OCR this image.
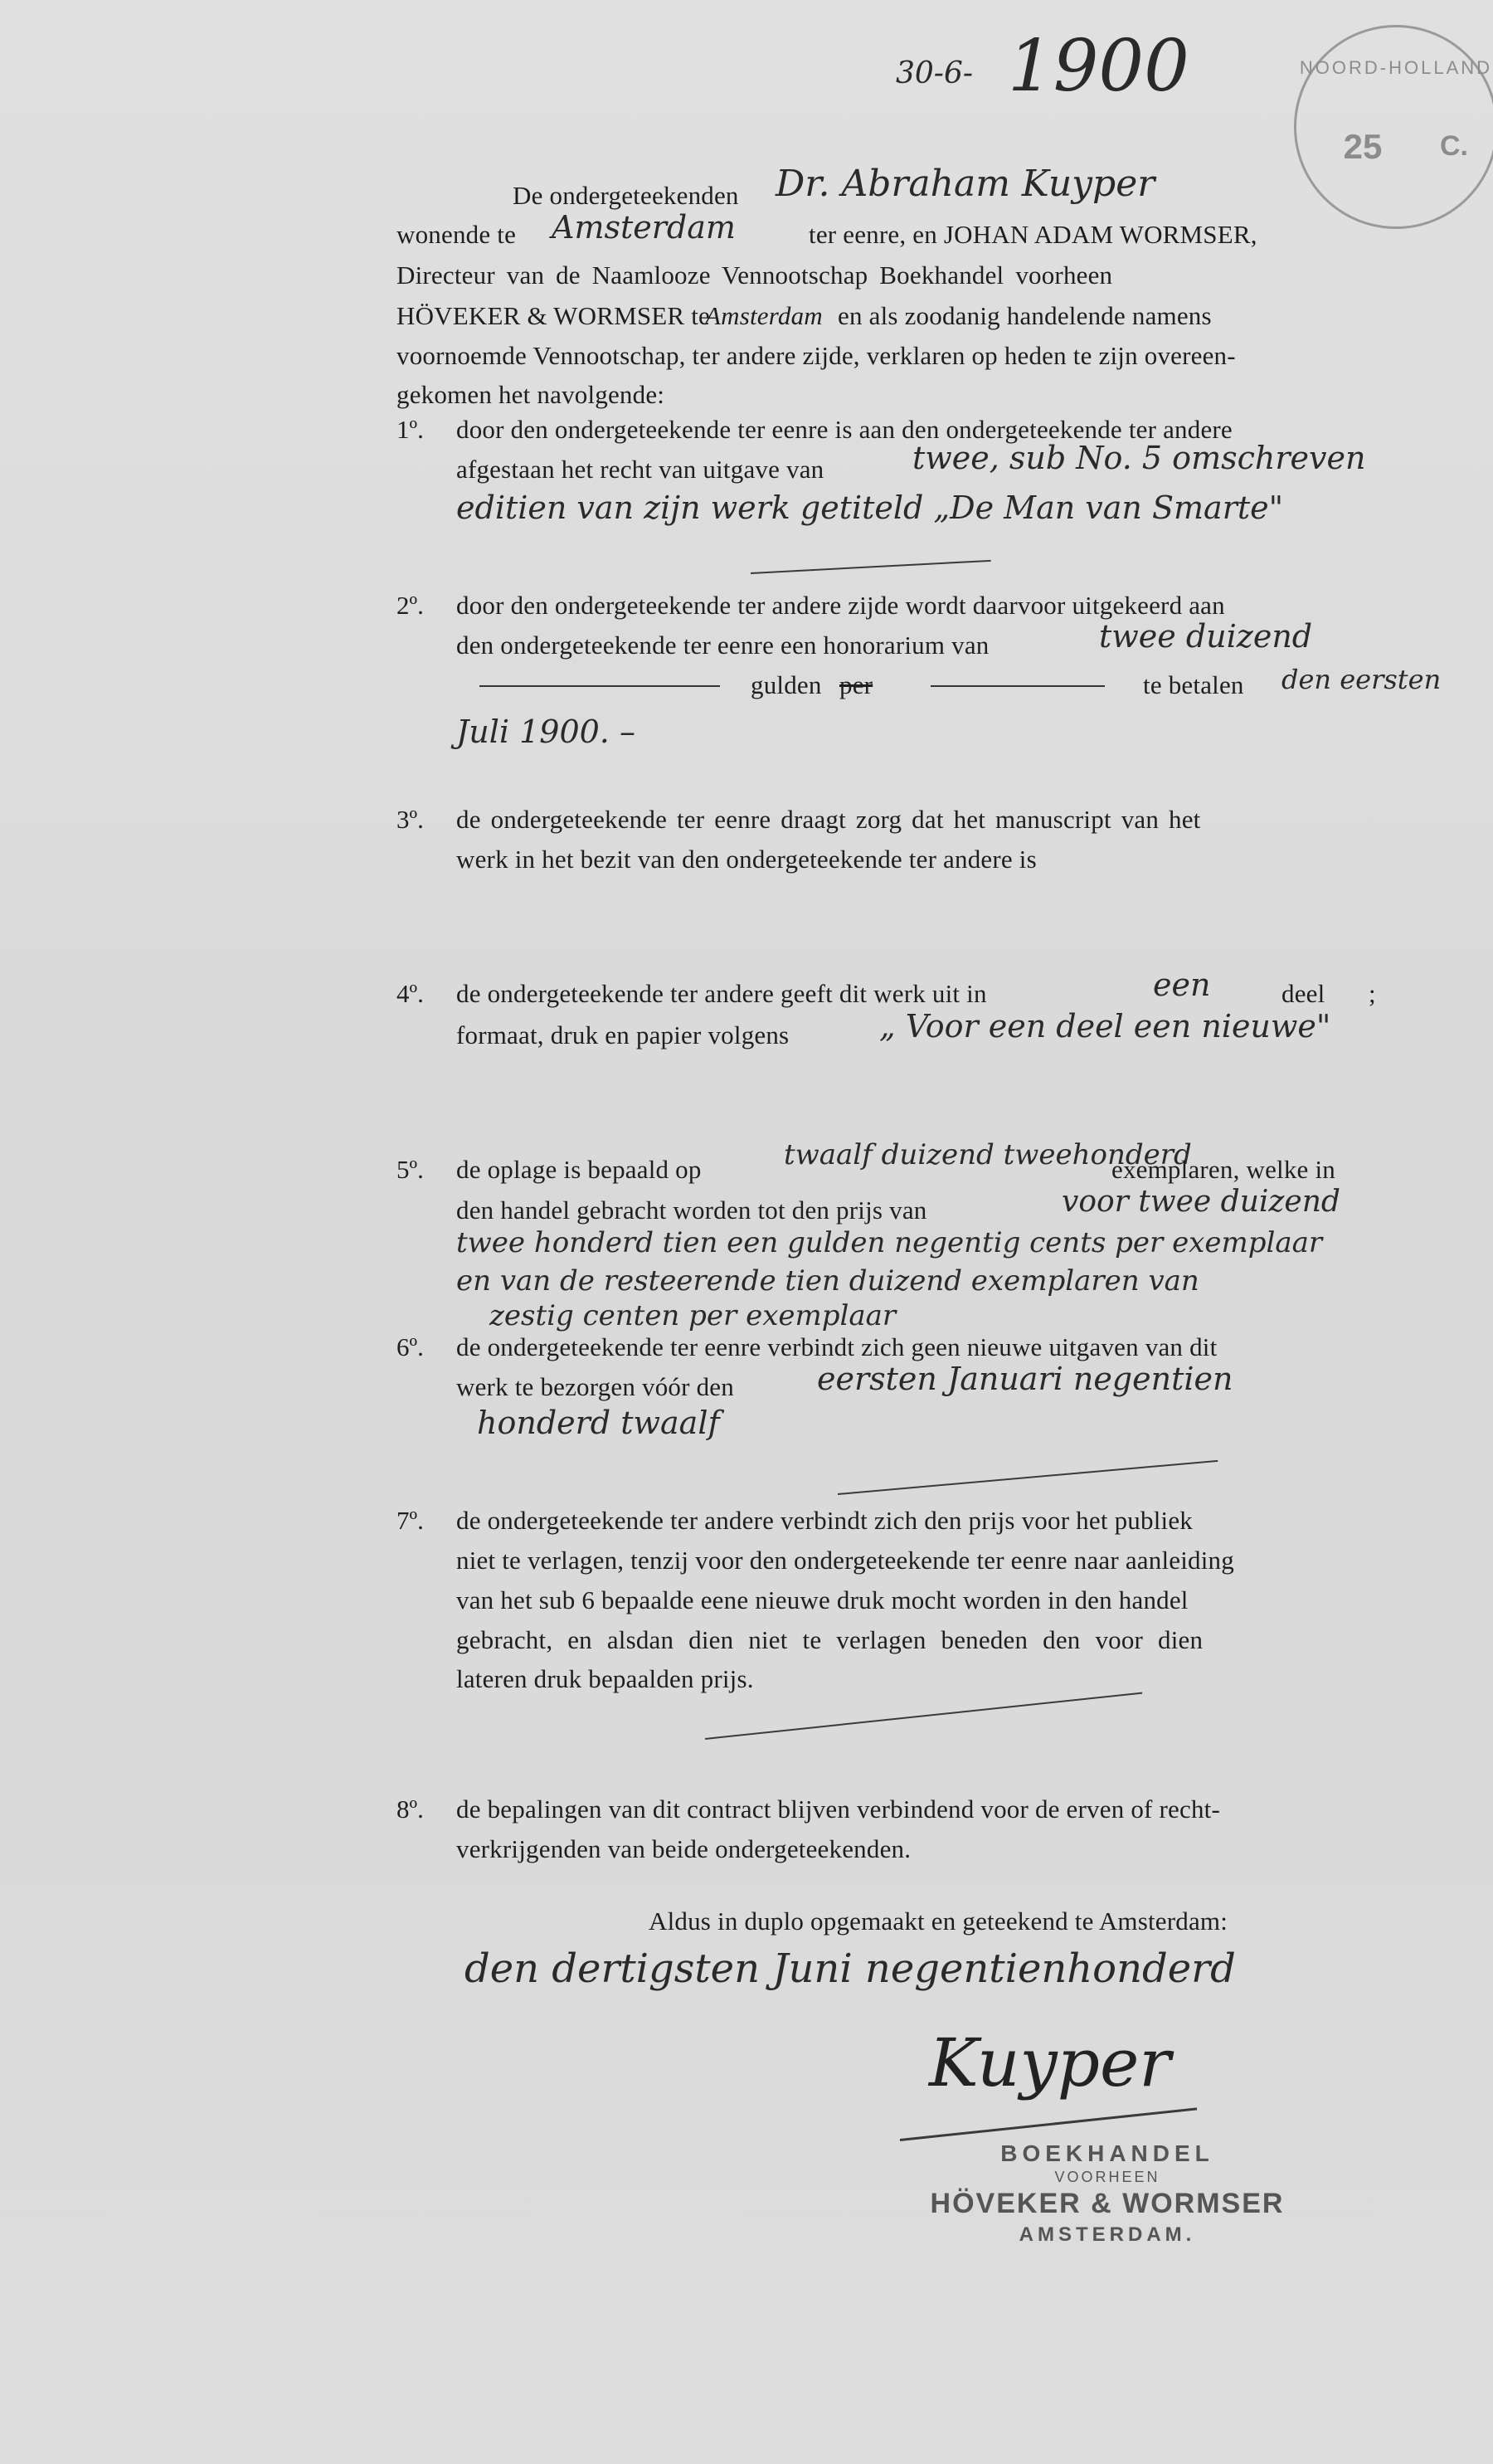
30-6- 1900	NOORD-HOLLAND
25	C.
De ondergeteekenden Dr. Abraham Kuyper
wonende te Amsterdam	ter eenre, en JOHAN ADAM WORMSER,
Directeur van de Naamlooze Vennootschap Boekhandel voorheen
HÖVEKER & WORMSER te
Amsterdam en als zoodanig handelende namens
voornoemde Vennootschap, ter andere zijde, verklaren op heden te zijn overeen-
gekomen het navolgende:
1º. door den ondergeteekende ter eenre is aan den ondergeteekende ter andere
afgestaan het recht van uitgave van	twee, sub No. 5 omschreven
editien van zijn werk getiteld „De Man van Smarte"
2º. door den ondergeteekende ter andere zijde wordt daarvoor uitgekeerd aan
den ondergeteekende ter eenre een honorarium van	twee duizend
gulden per	te betalen den eersten
Juli 1900. –
3º. de ondergeteekende ter eenre draagt zorg dat het manuscript van het
werk in het bezit van den ondergeteekende ter andere is
4º. de ondergeteekende ter andere geeft dit werk uit in	een	deel ;
formaat, druk en papier volgens	„ Voor een deel een nieuwe"
5º. de oplage is bepaald op	twaalf duizend tweehonderd
exemplaren, welke in
den handel gebracht worden tot den prijs van	voor twee duizend
twee honderd tien een gulden negentig cents per exemplaar
en van de resteerende tien duizend exemplaren van
zestig centen per exemplaar
6º. de ondergeteekende ter eenre verbindt zich geen nieuwe uitgaven van dit
werk te bezorgen vóór den	eersten Januari negentien
honderd twaalf
7º. de ondergeteekende ter andere verbindt zich den prijs voor het publiek
niet te verlagen, tenzij voor den ondergeteekende ter eenre naar aanleiding
van het sub 6 bepaalde eene nieuwe druk mocht worden in den handel
gebracht, en alsdan dien niet te verlagen beneden den voor dien
lateren druk bepaalden prijs.
8º. de bepalingen van dit contract blijven verbindend voor de erven of recht-
verkrijgenden van beide ondergeteekenden.
Aldus in duplo opgemaakt en geteekend te Amsterdam:
den dertigsten Juni negentienhonderd
Kuyper
BOEKHANDEL
VOORHEEN
HÖVEKER & WORMSER
AMSTERDAM.
